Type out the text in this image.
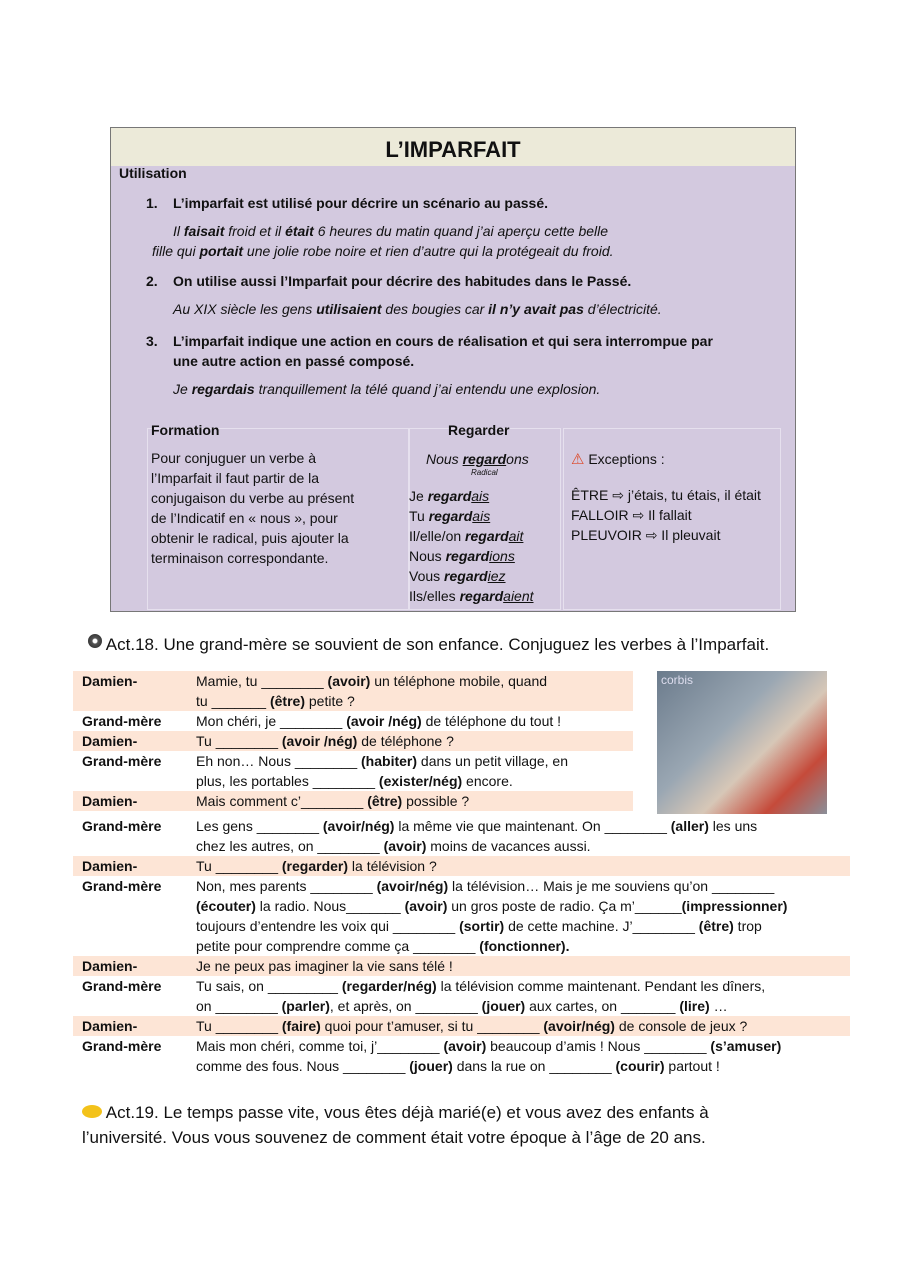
L’IMPARFAIT
Utilisation
Formation
Pour conjuguer un verbe à
l’Imparfait il faut partir de la
conjugaison du verbe au présent
de l’Indicatif en « nous », pour
obtenir le radical, puis ajouter la
terminaison correspondante.
Regarder
Nous regardons
Radical
Je regardais
Tu regardais
Il/elle/on regardait
Nous regardions
Vous regardiez
Ils/elles regardaient
⚠ Exceptions :
ÊTRE ⇨ j’étais, tu étais, il était
FALLOIR ⇨ Il fallait
PLEUVOIR ⇨ Il pleuvait
Act.18. Une grand-mère se souvient de son enfance. Conjuguez les verbes à l’Imparfait.
Damien-	Mamie, tu ________ (avoir) un téléphone mobile, quand
tu _______ (être) petite ?
Grand-mère	Mon chéri, je ________ (avoir /nég) de téléphone du tout !
Damien-	Tu ________ (avoir /nég) de téléphone ?
Grand-mère	Eh non… Nous ________ (habiter) dans un petit village, en
plus, les portables ________ (exister/nég) encore.
Damien-	Mais comment c’________ (être) possible ?
Grand-mère	Les gens ________ (avoir/nég) la même vie que maintenant. On ________ (aller) les uns
chez les autres, on ________ (avoir) moins de vacances aussi.
Damien-	Tu ________ (regarder) la télévision ?
Grand-mère	Non, mes parents ________ (avoir/nég) la télévision… Mais je me souviens qu’on ________
(écouter) la radio. Nous_______ (avoir) un gros poste de radio. Ça m’______(impressionner)
toujours d’entendre les voix qui ________ (sortir) de cette machine. J’________ (être) trop
petite pour comprendre comme ça ________ (fonctionner).
Damien-	Je ne peux pas imaginer la vie sans télé !
Grand-mère	Tu sais, on _________ (regarder/nég) la télévision comme maintenant. Pendant les dîners,
on ________ (parler), et après, on ________ (jouer) aux cartes, on _______ (lire) …
Damien-	Tu ________ (faire) quoi pour t’amuser, si tu ________ (avoir/nég) de console de jeux ?
Grand-mère	Mais mon chéri, comme toi, j’________ (avoir) beaucoup d’amis ! Nous ________ (s’amuser)
comme des fous. Nous ________ (jouer) dans la rue on ________ (courir) partout !
corbis
Act.19. Le temps passe vite, vous êtes déjà marié(e) et vous avez des enfants à
l’université. Vous vous souvenez de comment était votre époque à l’âge de 20 ans.
1. L’imparfait est utilisé pour décrire un scénario au passé.
Il faisait froid et il était 6 heures du matin quand j’ai aperçu cette belle
fille qui portait une jolie robe noire et rien d’autre qui la protégeait du froid.
2. On utilise aussi l’Imparfait pour décrire des habitudes dans le Passé.
Au XIX siècle les gens utilisaient des bougies car il n’y avait pas d’électricité.
3. L’imparfait indique une action en cours de réalisation et qui sera interrompue par
une autre action en passé composé.
Je regardais tranquillement la télé quand j’ai entendu une explosion.
